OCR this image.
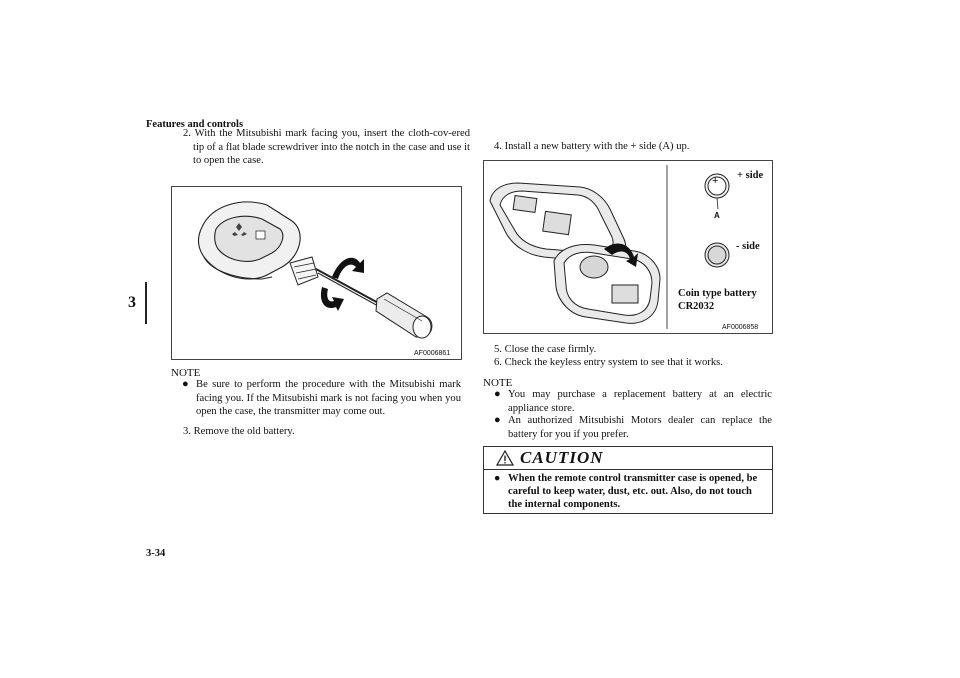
Features and controls
3
2. With the Mitsubishi mark facing you, insert the cloth-cov-ered tip of a flat blade screwdriver into the notch in the case and use it to open the case.
AF0006861
NOTE
● Be sure to perform the procedure with the Mitsubishi mark facing you. If the Mitsubishi mark is not facing you when you open the case, the transmitter may come out.
3. Remove the old battery.
4. Install a new battery with the + side (A) up.
+ + side
A
- side
Coin type battery
CR2032
AF0006858
5. Close the case firmly.
6. Check the keyless entry system to see that it works.
NOTE
● You may purchase a replacement battery at an electric appliance store.
● An authorized Mitsubishi Motors dealer can replace the battery for you if you prefer.
CAUTION
● When the remote control transmitter case is opened, be careful to keep water, dust, etc. out. Also, do not touch the internal components.
3-34
